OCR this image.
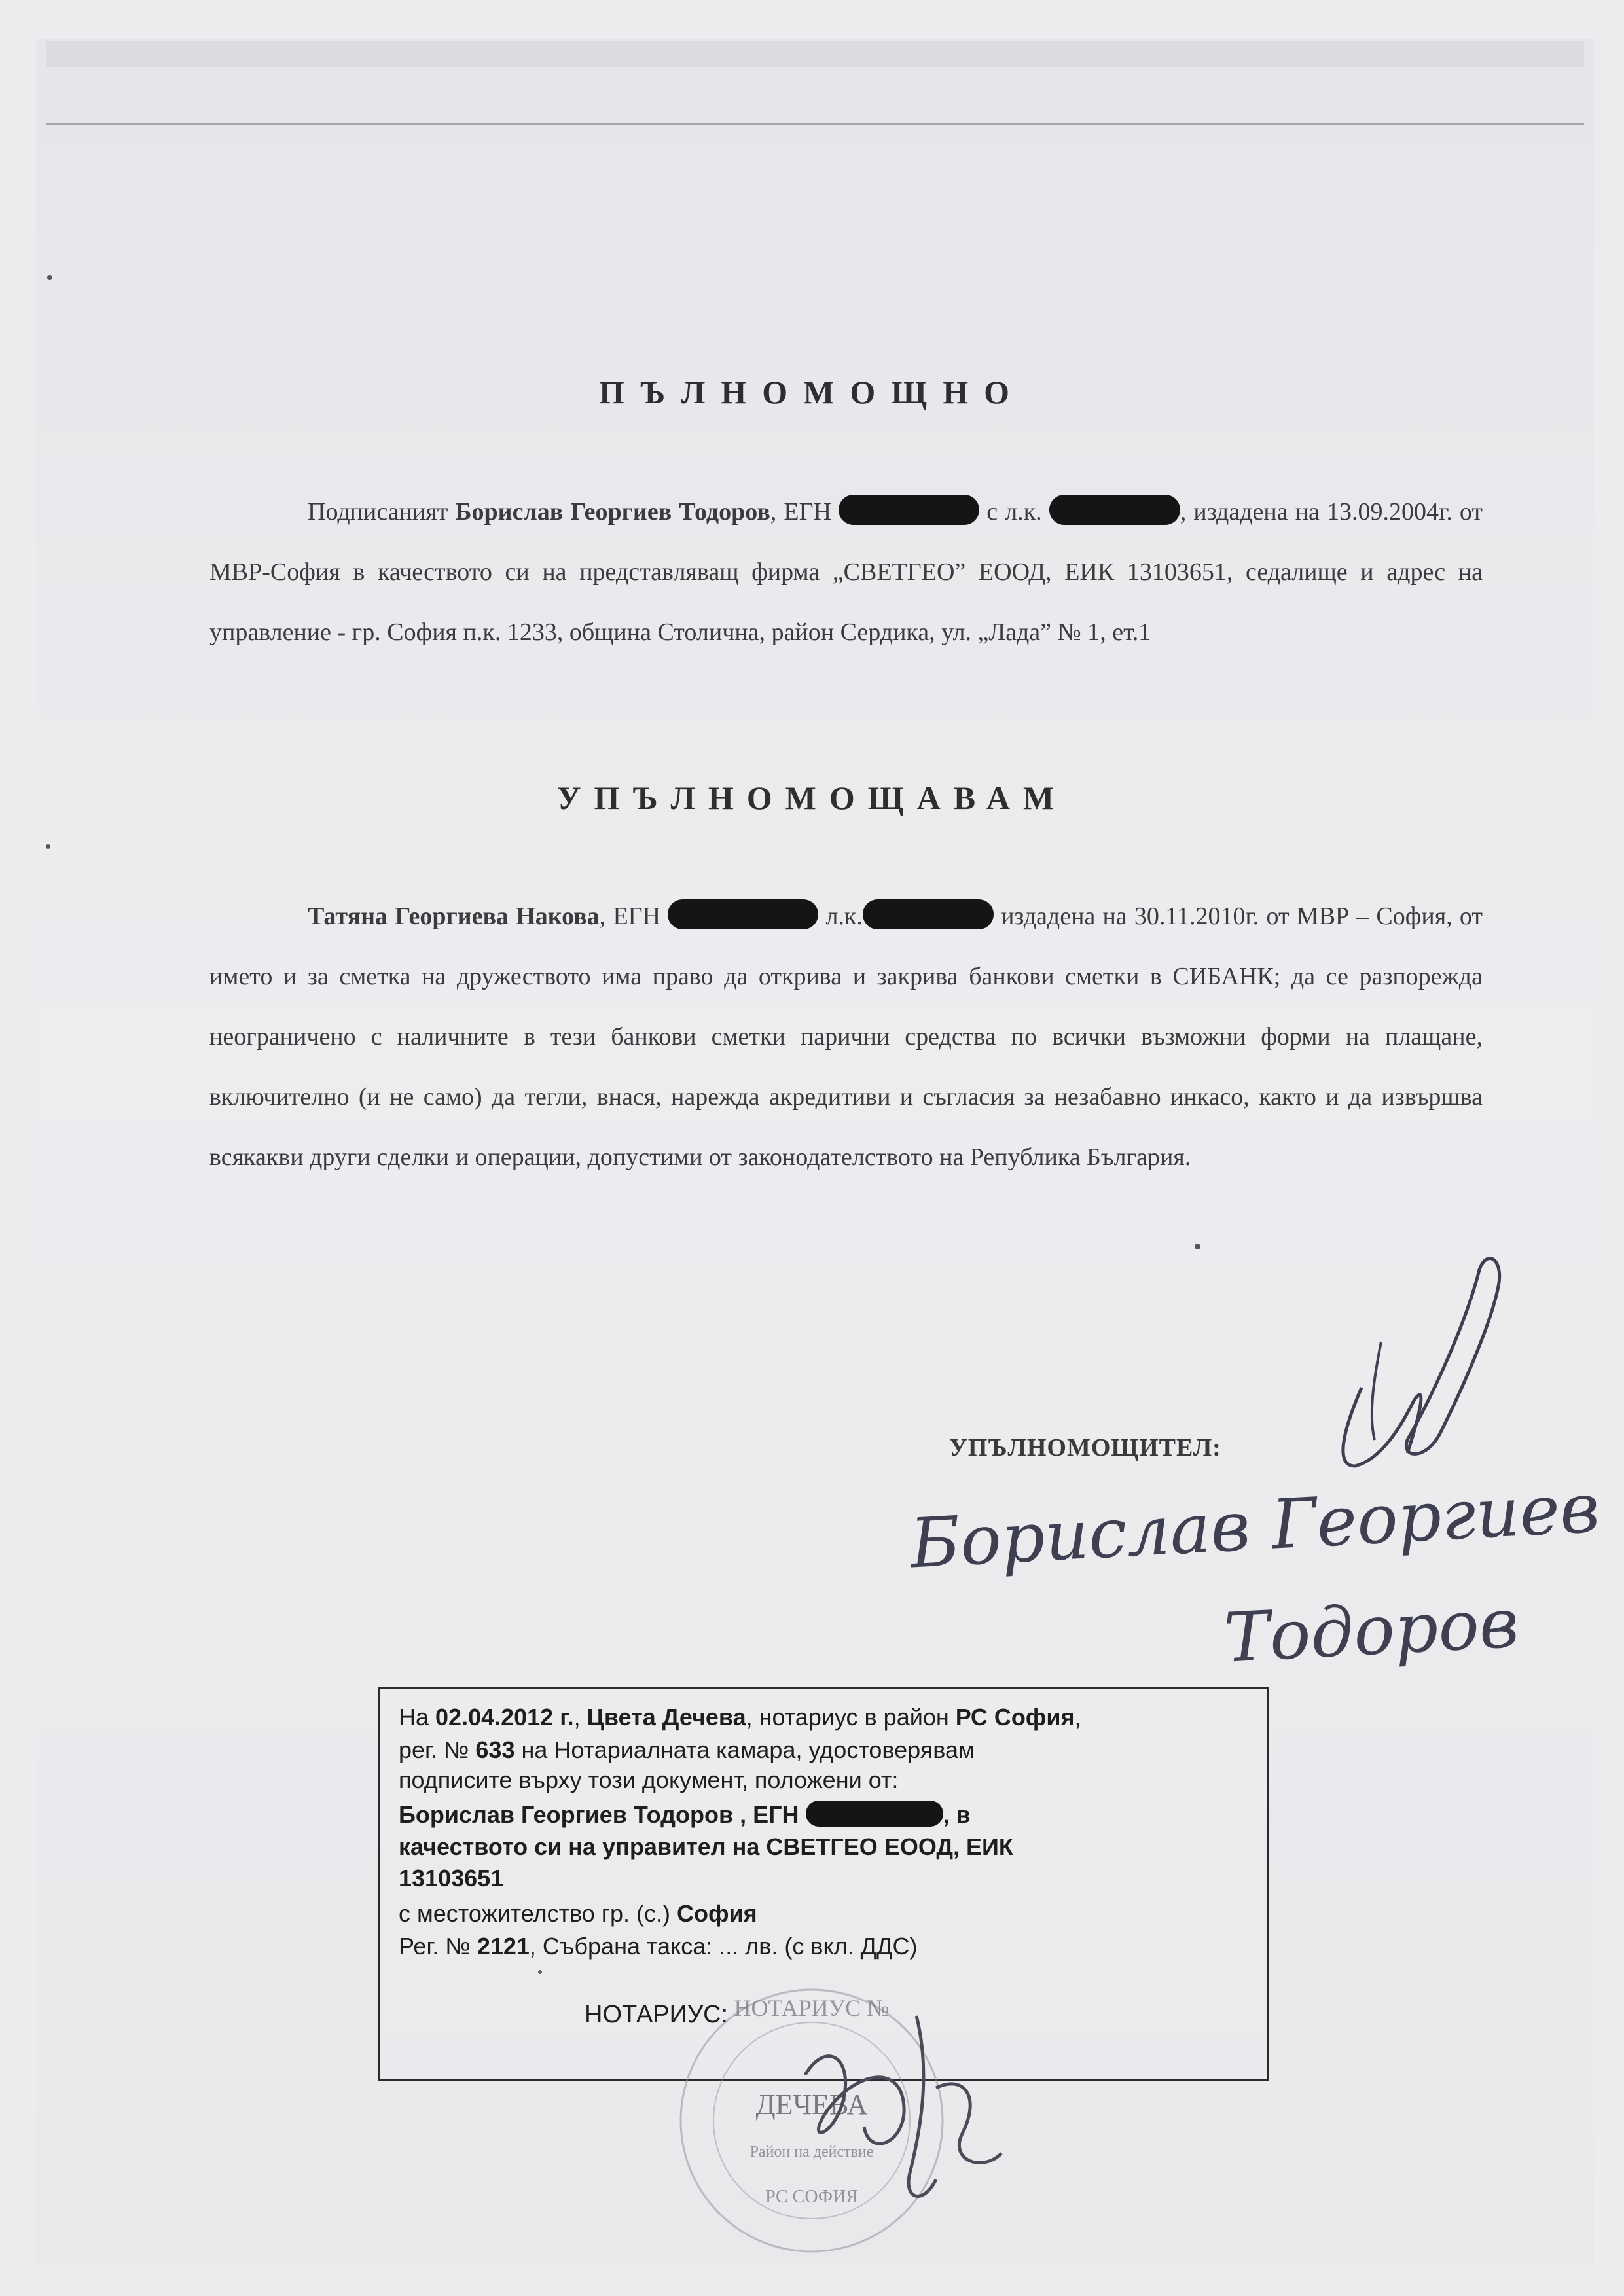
ПЪЛНОМОЩНО
Подписаният Борислав Георгиев Тодоров, ЕГН	с л.к.	, издадена на 13.09.2004г. от МВР-София в качеството си на представляващ фирма „СВЕТГЕО” ЕООД, ЕИК 13103651, седалище и адрес на управление - гр. София п.к. 1233, община Столична, район Сердика, ул. „Лада” № 1, ет.1
УПЪЛНОМОЩАВАМ
Татяна Георгиева Накова, ЕГН	л.к.	издадена на 30.11.2010г. от МВР – София, от името и за сметка на дружеството има право да открива и закрива банкови сметки в СИБАНК; да се разпорежда неограничено с наличните в тези банкови сметки парични средства по всички възможни форми на плащане, включително (и не само) да тегли, внася, нарежда акредитиви и съгласия за незабавно инкасо, както и да извършва всякакви други сделки и операции, допустими от законодателството на Република България.
УПЪЛНОМОЩИТЕЛ:
Борислав Георгиев
Тодоров
На 02.04.2012 г., Цвета Дечева, нотариус в район РС София,
рег. № 633 на Нотариалната камара, удостоверявам
подписите върху този документ, положени от:
Борислав Георгиев Тодоров , ЕГН	, в
качеството си на управител на СВЕТГЕО ЕООД, ЕИК
13103651
с местожителство гр. (с.) София
Рег. № 2121, Събрана такса: ... лв. (с вкл. ДДС)
НОТАРИУС: НОТАРИУС №
ДЕЧЕВА
Район на действие
РС СОФИЯ
